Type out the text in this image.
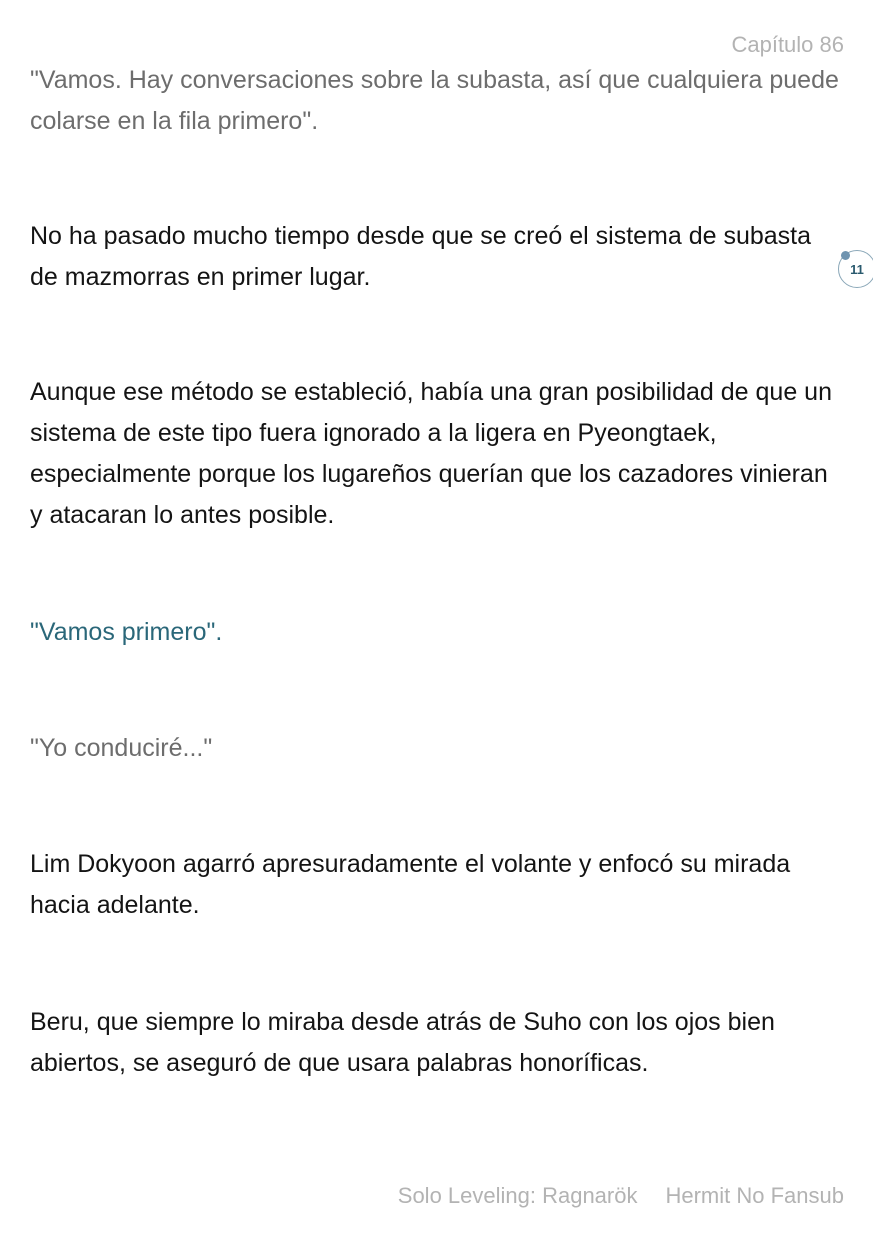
Capítulo 86

"Vamos. Hay conversaciones sobre la subasta, así que cualquiera puede colarse en la fila primero".

No ha pasado mucho tiempo desde que se creó el sistema de subasta de mazmorras en primer lugar.

Aunque ese método se estableció, había una gran posibilidad de que un sistema de este tipo fuera ignorado a la ligera en Pyeongtaek, especialmente porque los lugareños querían que los cazadores vinieran y atacaran lo antes posible.

"Vamos primero".

"Yo conduciré..."

Lim Dokyoon agarró apresuradamente el volante y enfocó su mirada hacia adelante.

Beru, que siempre lo miraba desde atrás de Suho con los ojos bien abiertos, se aseguró de que usara palabras honoríficas.

11
Solo Leveling: Ragnarök Hermit No Fansub
